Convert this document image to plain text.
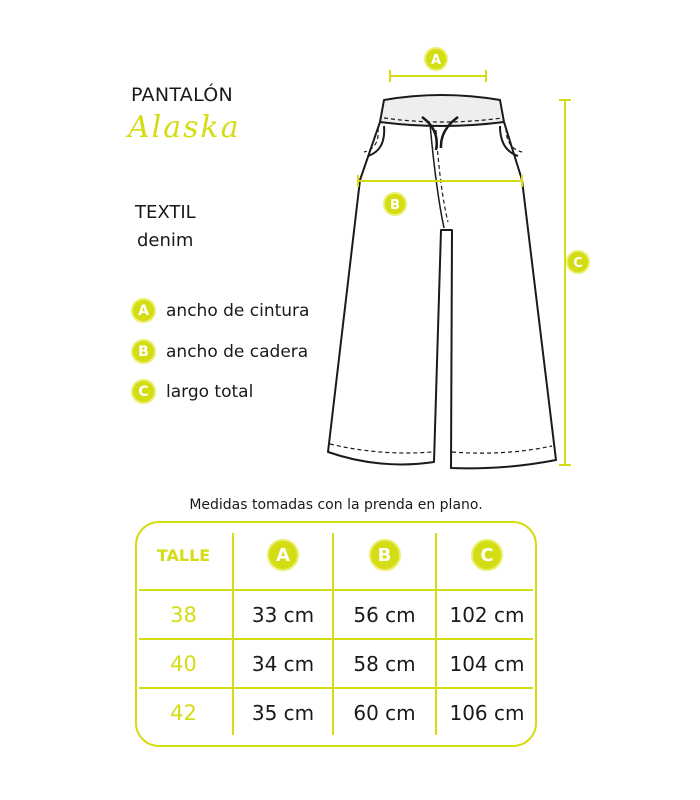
PANTALÓN
Alaska
TEXTIL
denim
A	ancho de cintura
B	ancho de cadera
C	largo total
A
B
C
Medidas tomadas con la prenda en plano.
TALLE	A	B	C
38	33 cm	56 cm	102 cm
40	34 cm	58 cm	104 cm
42	35 cm	60 cm	106 cm
